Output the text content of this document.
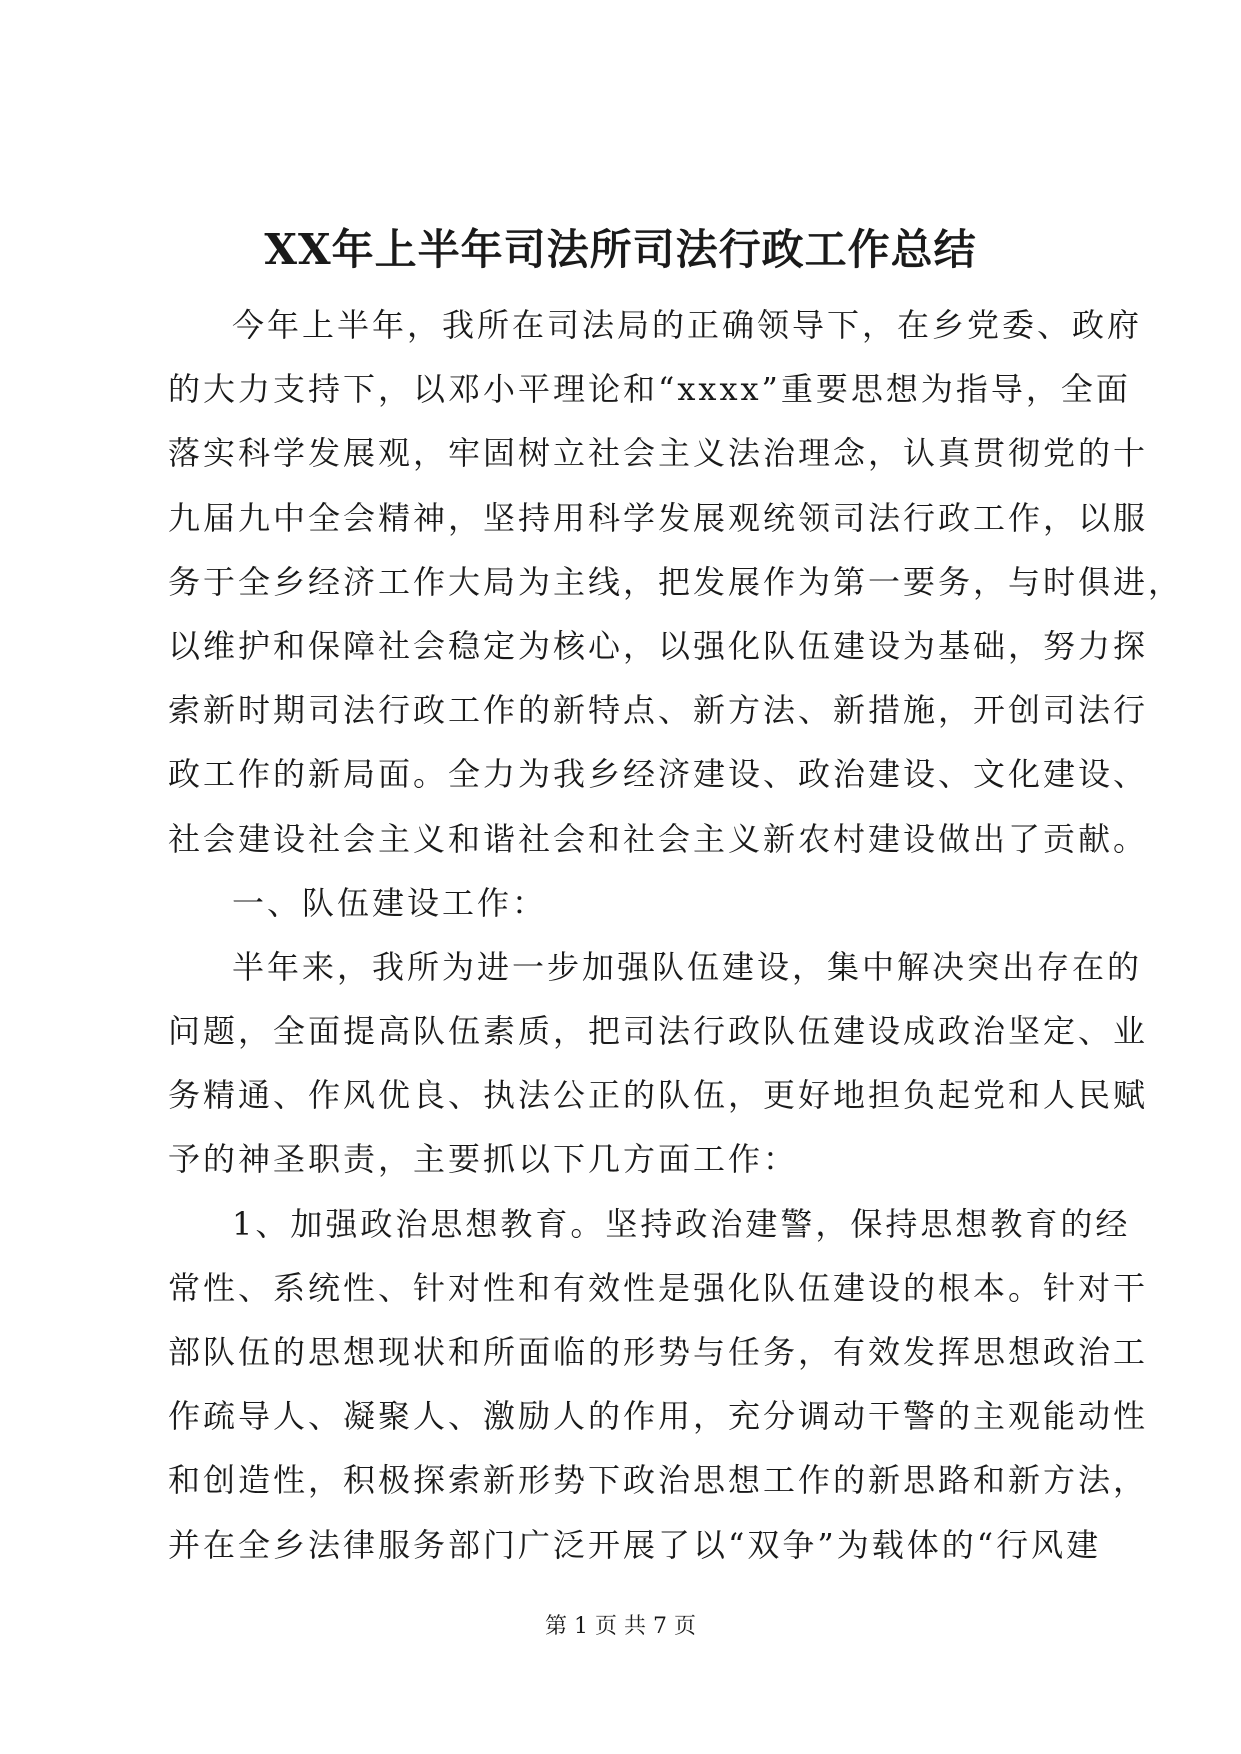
XX年上半年司法所司法行政工作总结
今年上半年，我所在司法局的正确领导下，在乡党委、政府
的大力支持下，以邓小平理论和“xxxx”重要思想为指导，全面
落实科学发展观，牢固树立社会主义法治理念，认真贯彻党的十
九届九中全会精神，坚持用科学发展观统领司法行政工作，以服
务于全乡经济工作大局为主线，把发展作为第一要务，与时俱进，
以维护和保障社会稳定为核心，以强化队伍建设为基础，努力探
索新时期司法行政工作的新特点、新方法、新措施，开创司法行
政工作的新局面。全力为我乡经济建设、政治建设、文化建设、
社会建设社会主义和谐社会和社会主义新农村建设做出了贡献。
一、队伍建设工作：
半年来，我所为进一步加强队伍建设，集中解决突出存在的
问题，全面提高队伍素质，把司法行政队伍建设成政治坚定、业
务精通、作风优良、执法公正的队伍，更好地担负起党和人民赋
予的神圣职责，主要抓以下几方面工作：
1、加强政治思想教育。坚持政治建警，保持思想教育的经
常性、系统性、针对性和有效性是强化队伍建设的根本。针对干
部队伍的思想现状和所面临的形势与任务，有效发挥思想政治工
作疏导人、凝聚人、激励人的作用，充分调动干警的主观能动性
和创造性，积极探索新形势下政治思想工作的新思路和新方法，
并在全乡法律服务部门广泛开展了以“双争”为载体的“行风建
第 1 页 共 7 页
